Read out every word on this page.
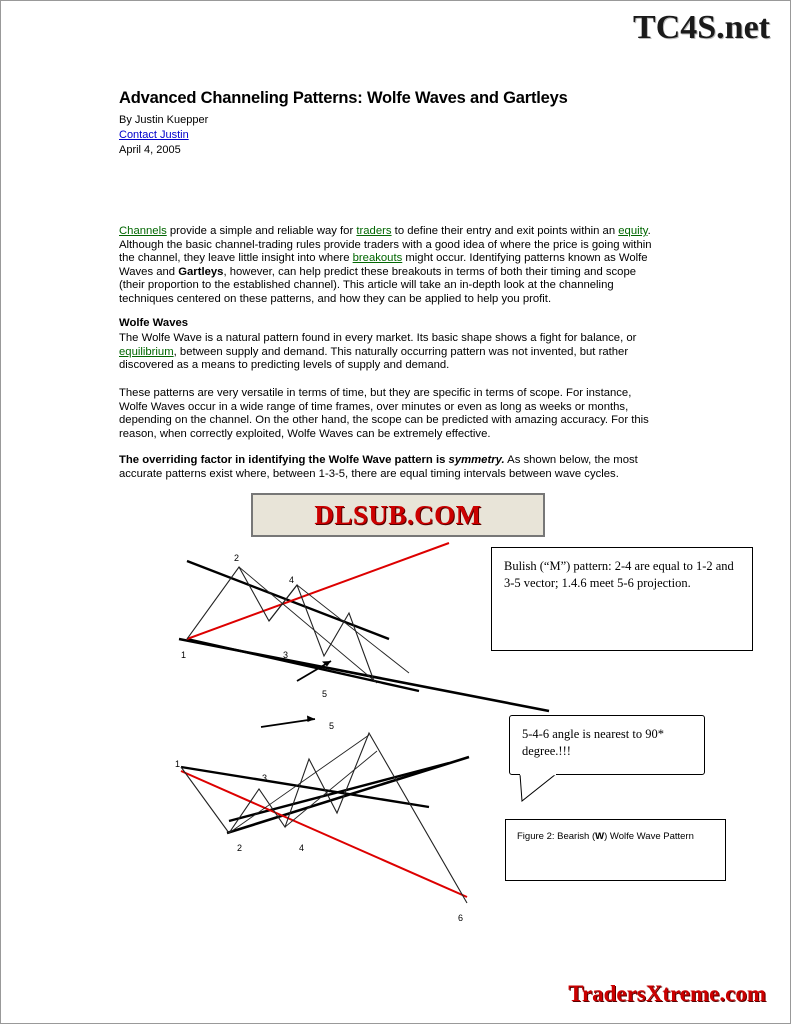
TC4S.net
Advanced Channeling Patterns: Wolfe Waves and Gartleys
By Justin Kuepper
Contact Justin
April 4, 2005
Channels provide a simple and reliable way for traders to define their entry and exit points within an equity. Although the basic channel-trading rules provide traders with a good idea of where the price is going within the channel, they leave little insight into where breakouts might occur. Identifying patterns known as Wolfe Waves and Gartleys, however, can help predict these breakouts in terms of both their timing and scope (their proportion to the established channel). This article will take an in-depth look at the channeling techniques centered on these patterns, and how they can be applied to help you profit.
Wolfe Waves
The Wolfe Wave is a natural pattern found in every market. Its basic shape shows a fight for balance, or equilibrium, between supply and demand. This naturally occurring pattern was not invented, but rather discovered as a means to predicting levels of supply and demand.
These patterns are very versatile in terms of time, but they are specific in terms of scope. For instance, Wolfe Waves occur in a wide range of time frames, over minutes or even as long as weeks or months, depending on the channel. On the other hand, the scope can be predicted with amazing accuracy. For this reason, when correctly exploited, Wolfe Waves can be extremely effective.
The overriding factor in identifying the Wolfe Wave pattern is symmetry. As shown below, the most accurate patterns exist where, between 1-3-5, there are equal timing intervals between wave cycles.
DLSUB.COM
1
2
3
4
5
1
2
3
4
5
6
Bulish (“M”) pattern: 2-4 are equal to 1-2 and 3-5 vector; 1.4.6 meet 5-6 projection.
5-4-6 angle is nearest to 90* degree.!!!
Figure 2: Bearish (W) Wolfe Wave Pattern
TradersXtreme.com
